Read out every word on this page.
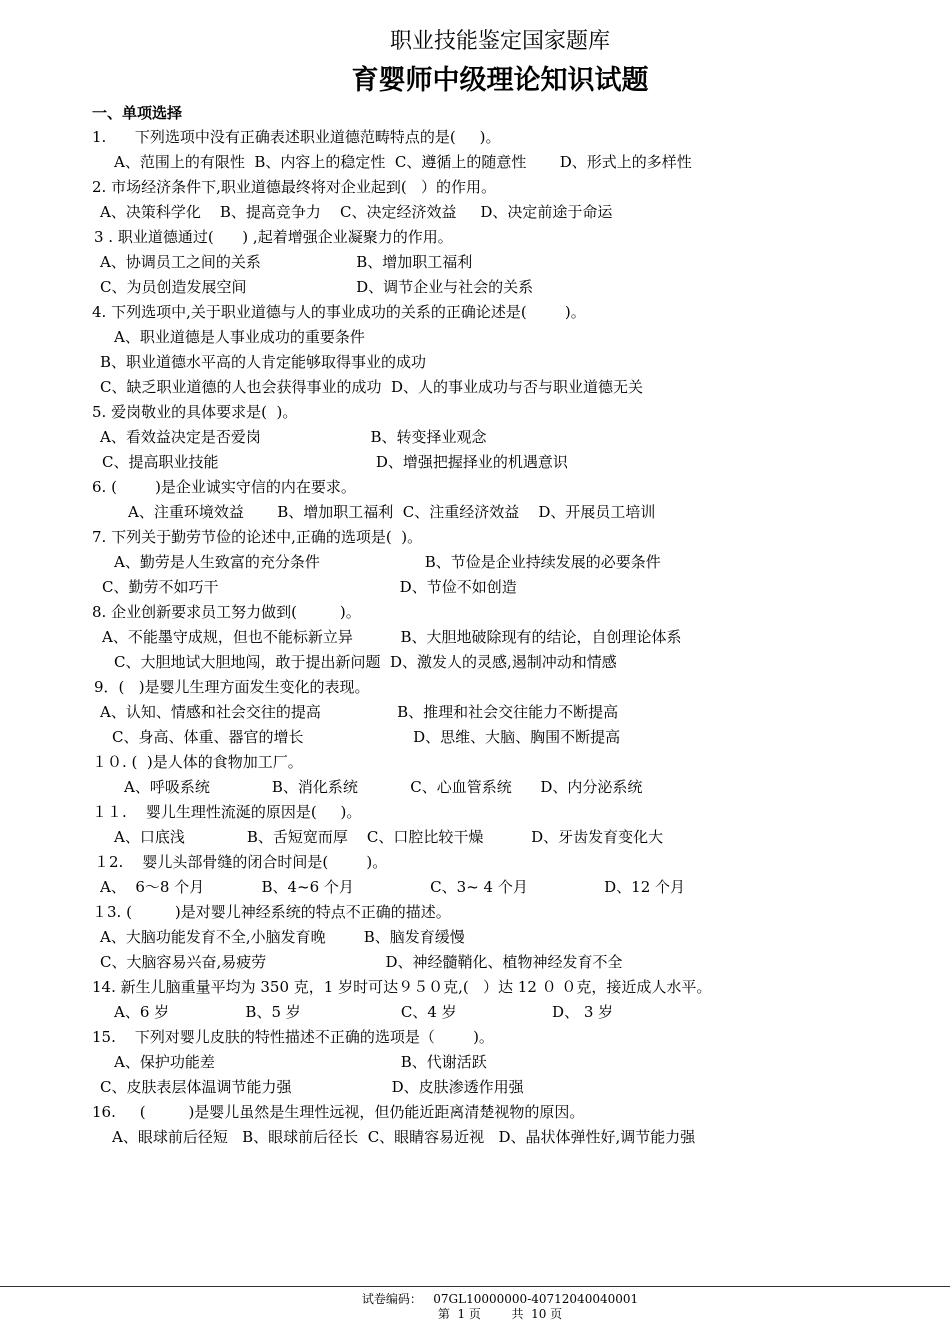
职业技能鉴定国家题库
育婴师中级理论知识试题
一、单项选择
1.      下列选项中没有正确表述职业道德范畴特点的是(     )。
A、范围上的有限性  B、内容上的稳定性  C、遵循上的随意性       D、形式上的多样性
2. 市场经济条件下,职业道德最终将对企业起到(   ）的作用。
A、决策科学化    B、提高竞争力    C、决定经济效益     D、决定前途于命运
3 . 职业道德通过(      ) ,起着增强企业凝聚力的作用。
A、协调员工之间的关系                    B、增加职工福利
C、为员创造发展空间                       D、调节企业与社会的关系
4. 下列选项中,关于职业道德与人的事业成功的关系的正确论述是(        )。
A、职业道德是人事业成功的重要条件
B、职业道德水平高的人肯定能够取得事业的成功
C、缺乏职业道德的人也会获得事业的成功  D、人的事业成功与否与职业道德无关
5. 爱岗敬业的具体要求是(  )。
A、看效益决定是否爱岗                       B、转变择业观念
C、提高职业技能                                 D、增强把握择业的机遇意识
6. (        )是企业诚实守信的内在要求。
A、注重环境效益       B、增加职工福利  C、注重经济效益    D、开展员工培训
7. 下列关于勤劳节俭的论述中,正确的选项是(  )。
A、勤劳是人生致富的充分条件                      B、节俭是企业持续发展的必要条件
C、勤劳不如巧干                                      D、节俭不如创造
8. 企业创新要求员工努力做到(         )。
A、不能墨守成规，但也不能标新立异          B、大胆地破除现有的结论，自创理论体系
C、大胆地试大胆地闯，敢于提出新问题  D、激发人的灵感,遏制冲动和情感
9．(   )是婴儿生理方面发生变化的表现。
A、认知、情感和社会交往的提高                B、推理和社会交往能力不断提高
C、身高、体重、器官的增长                       D、思维、大脑、胸围不断提高
１０. (  )是人体的食物加工厂。
A、呼吸系统             B、消化系统           C、心血管系统      D、内分泌系统
１１.    婴儿生理性流涎的原因是(     )。
A、口底浅             B、舌短宽而厚    C、口腔比较干燥          D、牙齿发育变化大
１2.    婴儿头部骨缝的闭合时间是(        )。
A、  6～8 个月            B、4~6 个月                C、3~ 4 个月                D、12 个月
１3. (         )是对婴儿神经系统的特点不正确的描述。
A、大脑功能发育不全,小脑发育晚        B、脑发育缓慢
C、大脑容易兴奋,易疲劳                         D、神经髓鞘化、植物神经发育不全
14. 新生儿脑重量平均为 350 克，1 岁时可达９５０克,(   ）达 12 ０ ０克，接近成人水平。
A、6 岁                B、5 岁                     C、4 岁                    D、 3 岁
15.    下列对婴儿皮肤的特性描述不正确的选项是（        )。
A、保护功能差                                       B、代谢活跃
C、皮肤表层体温调节能力强                     D、皮肤渗透作用强
16.     (         )是婴儿虽然是生理性远视，但仍能近距离清楚视物的原因。
A、眼球前后径短   B、眼球前后径长  C、眼睛容易近视   D、晶状体弹性好,调节能力强
试卷编码：   07GL10000000-40712040040001
第  1 页        共  10 页
